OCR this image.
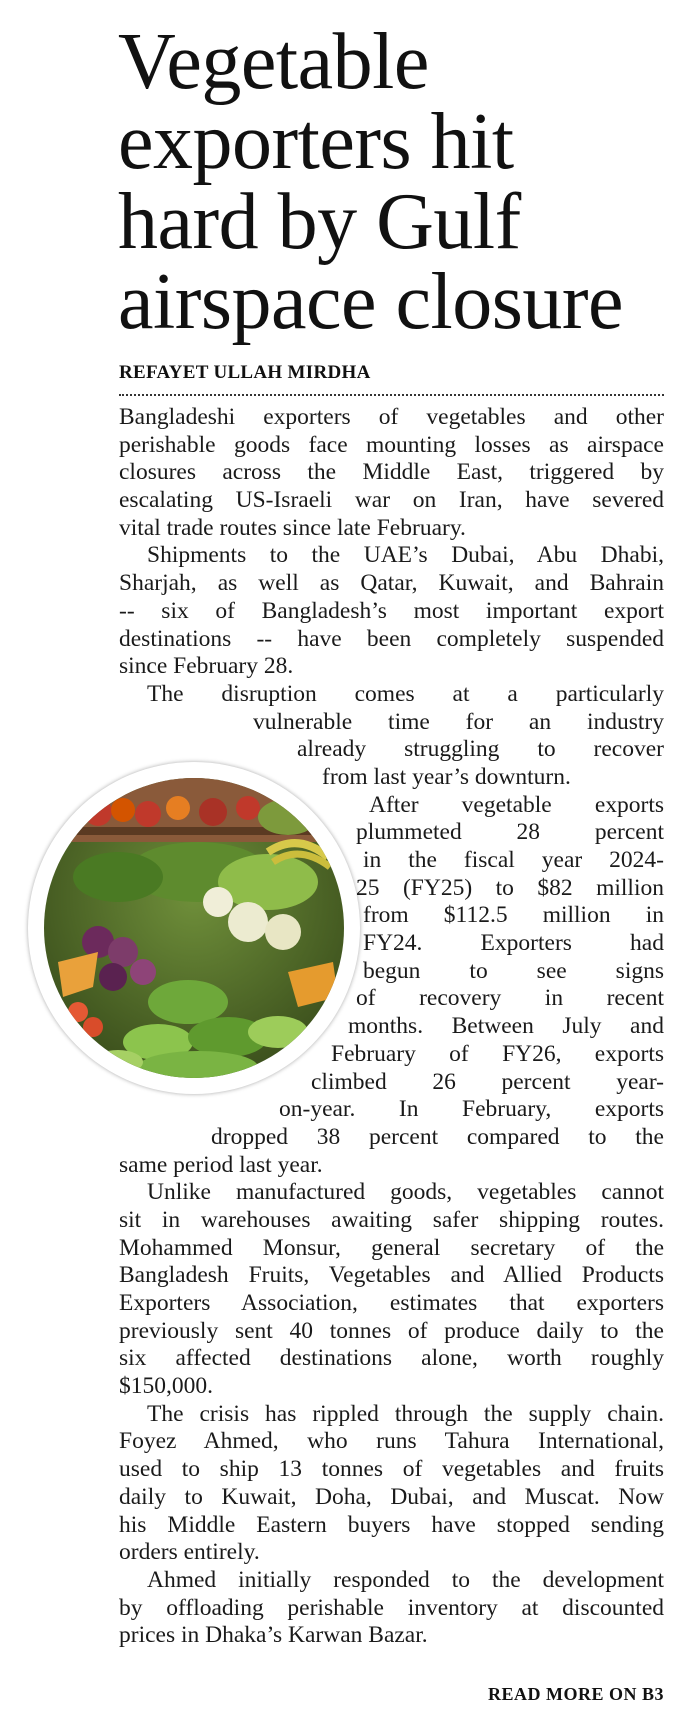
Vegetable
exporters hit
hard by Gulf
airspace closure
REFAYET ULLAH MIRDHA
Bangladeshi exporters of vegetables and other
perishable goods face mounting losses as airspace
closures across the Middle East, triggered by
escalating US-Israeli war on Iran, have severed
vital trade routes since late February.
Shipments to the UAE’s Dubai, Abu Dhabi,
Sharjah, as well as Qatar, Kuwait, and Bahrain
-- six of Bangladesh’s most important export
destinations -- have been completely suspended
since February 28.
The disruption comes at a particularly
vulnerable time for an industry
already struggling to recover
from last year’s downturn.
After vegetable exports
plummeted 28 percent
in the fiscal year 2024-
25 (FY25) to $82 million
from $112.5 million in
FY24. Exporters had
begun to see signs
of recovery in recent
months. Between July and
February of FY26, exports
climbed 26 percent year-
on-year. In February, exports
dropped 38 percent compared to the
same period last year.
Unlike manufactured goods, vegetables cannot
sit in warehouses awaiting safer shipping routes.
Mohammed Monsur, general secretary of the
Bangladesh Fruits, Vegetables and Allied Products
Exporters Association, estimates that exporters
previously sent 40 tonnes of produce daily to the
six affected destinations alone, worth roughly
$150,000.
The crisis has rippled through the supply chain.
Foyez Ahmed, who runs Tahura International,
used to ship 13 tonnes of vegetables and fruits
daily to Kuwait, Doha, Dubai, and Muscat. Now
his Middle Eastern buyers have stopped sending
orders entirely.
Ahmed initially responded to the development
by offloading perishable inventory at discounted
prices in Dhaka’s Karwan Bazar.
READ MORE ON B3
